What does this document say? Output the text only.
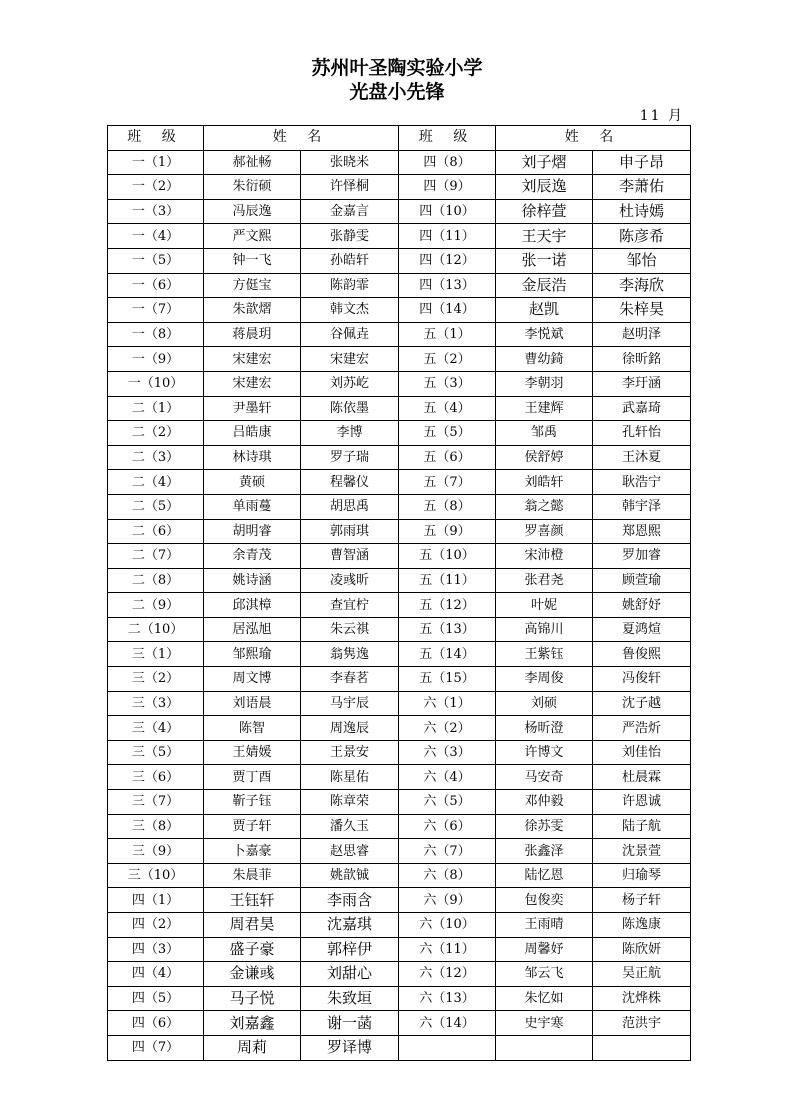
苏州叶圣陶实验小学
光盘小先锋
11 月
班 级	姓 名		班 级	姓 名	
一（1）	郝祉畅	张晓米	四（8）	刘子熠	申子昂
一（2）	朱衍硕	许怿桐	四（9）	刘辰逸	李萧佑
一（3）	冯辰逸	金嘉言	四（10）	徐梓萱	杜诗嫣
一（4）	严文熙	张静雯	四（11）	王天宇	陈彦希
一（5）	钟一飞	孙皓轩	四（12）	张一诺	邹怡
一（6）	方侹宝	陈韵霏	四（13）	金辰浩	李海欣
一（7）	朱歆熠	韩文杰	四（14）	赵凯	朱梓昊
一（8）	蒋晨玥	谷佩垚	五（1）	李悦斌	赵明泽
一（9）	宋建宏	宋建宏	五（2）	曹幼錡	徐昕銘
一（10）	宋建宏	刘苏屹	五（3）	李朝羽	李玗涵
二（1）	尹墨轩	陈依墨	五（4）	王建辉	武嘉琦
二（2）	吕皓康	李博	五（5）	邹禹	孔轩怡
二（3）	林诗琪	罗子瑞	五（6）	侯舒婷	王沐夏
二（4）	黄硕	程馨仪	五（7）	刘皓轩	耿浩宁
二（5）	单雨蔓	胡思禹	五（8）	翁之懿	韩宇泽
二（6）	胡明睿	郭雨琪	五（9）	罗喜颜	郑恩熙
二（7）	余青茂	曹智涵	五（10）	宋沛橙	罗加睿
二（8）	姚诗涵	凌彧昕	五（11）	张君尧	顾萱瑜
二（9）	邱淇樟	查宜柠	五（12）	叶妮	姚舒妤
二（10）	居泓旭	朱云祺	五（13）	高锦川	夏鸿煊
三（1）	邹熙瑜	翁隽逸	五（14）	王紫钰	鲁俊熙
三（2）	周文博	李春茗	五（15）	李周俊	冯俊轩
三（3）	刘语晨	马宇辰	六（1）	刘硕	沈子越
三（4）	陈智	周逸辰	六（2）	杨昕澄	严浩炘
三（5）	王婧媛	王景安	六（3）	许博文	刘佳怡
三（6）	贾丁酉	陈星佑	六（4）	马安奇	杜晨霖
三（7）	靳子钰	陈章荣	六（5）	邓仲毅	许恩诚
三（8）	贾子轩	潘久玉	六（6）	徐苏雯	陆子航
三（9）	卜嘉豪	赵思睿	六（7）	张鑫泽	沈景萱
三（10）	朱晨菲	姚歆铖	六（8）	陆忆恩	归瑜琴
四（1）	王钰轩	李雨含	六（9）	包俊奕	杨子轩
四（2）	周君昊	沈嘉琪	六（10）	王雨晴	陈逸康
四（3）	盛子豪	郭梓伊	六（11）	周馨妤	陈欣妍
四（4）	金谦彧	刘甜心	六（12）	邹云飞	吴正航
四（5）	马子悦	朱致垣	六（13）	朱忆如	沈烨株
四（6）	刘嘉鑫	谢一菡	六（14）	史宇寒	范洪宇
四（7）	周莉	罗译博			
